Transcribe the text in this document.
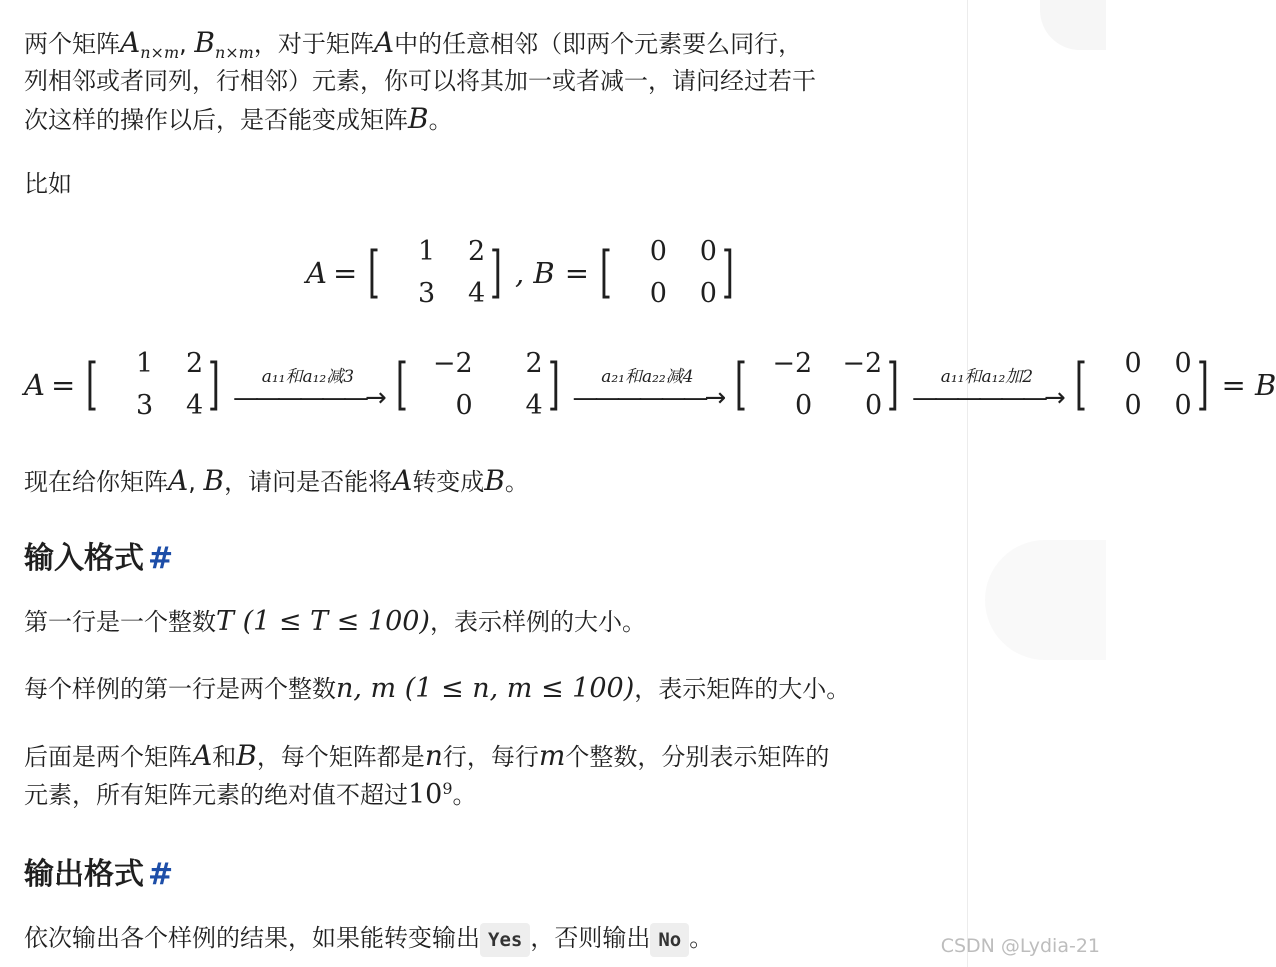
两个矩阵$A_{n\times m}$, $B_{n\times m}$，对于矩阵A中的任意相邻（即两个元素要么同行，
列相邻或者同列，行相邻）元素，你可以将其加一或者减一，请问经过若干
次这样的操作以后，是否能变成矩阵B。

比如

A = [	1	2
3	4 ] , B = [	0	0
0	0 ]
A = [	1	2
3	4 ] a₁₁和a₁₂减3
——————→ [ −2	2
0	4 ] a₂₁和a₂₂减4
——————→ [ −2	−2
0	0 ] a₁₁和a₁₂加2
——————→ [	0	0
0	0 ] = B

现在给你矩阵A, B，请问是否能将A转变成B。

输入格式 #

第一行是一个整数T (1 ≤ T ≤ 100)，表示样例的大小。

每个样例的第一行是两个整数n, m (1 ≤ n, m ≤ 100)，表示矩阵的大小。

后面是两个矩阵A和B，每个矩阵都是n行，每行m个整数，分别表示矩阵的
元素，所有矩阵元素的绝对值不超过$10^9$。

输出格式 #

依次输出各个样例的结果，如果能转变输出 Yes ，否则输出 No 。	CSDN @Lydia-21
